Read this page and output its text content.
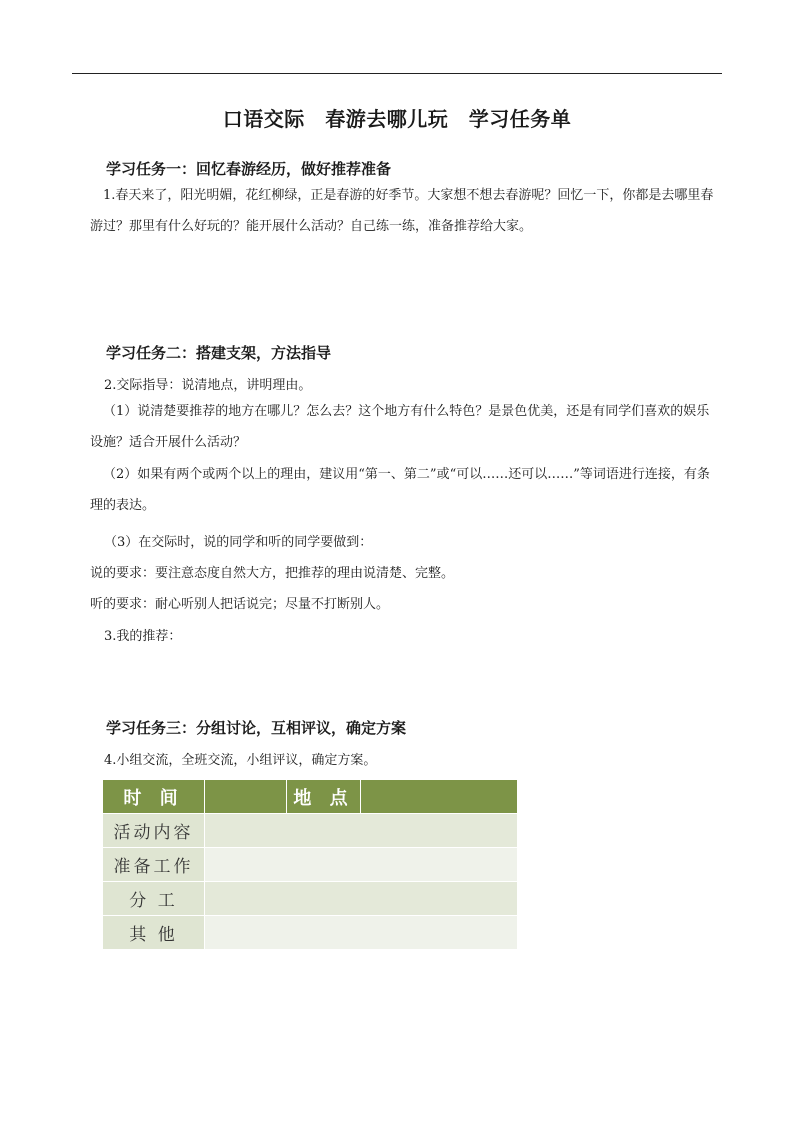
口语交际　春游去哪儿玩　学习任务单
学习任务一：回忆春游经历，做好推荐准备
1.春天来了，阳光明媚，花红柳绿，正是春游的好季节。大家想不想去春游呢？回忆一下，你都是去哪里春游过？那里有什么好玩的？能开展什么活动？自己练一练，准备推荐给大家。
学习任务二：搭建支架，方法指导
2.交际指导：说清地点，讲明理由。
（1）说清楚要推荐的地方在哪儿？怎么去？这个地方有什么特色？是景色优美，还是有同学们喜欢的娱乐设施？适合开展什么活动？
（2）如果有两个或两个以上的理由，建议用“第一、第二”或“可以……还可以……”等词语进行连接，有条理的表达。
（3）在交际时，说的同学和听的同学要做到：
说的要求：要注意态度自然大方，把推荐的理由说清楚、完整。
听的要求：耐心听别人把话说完；尽量不打断别人。
3.我的推荐：
学习任务三：分组讨论，互相评议，确定方案
4.小组交流，全班交流，小组评议，确定方案。
时 间		地 点	
活动内容			
准备工作			
分 工			
其 他			
